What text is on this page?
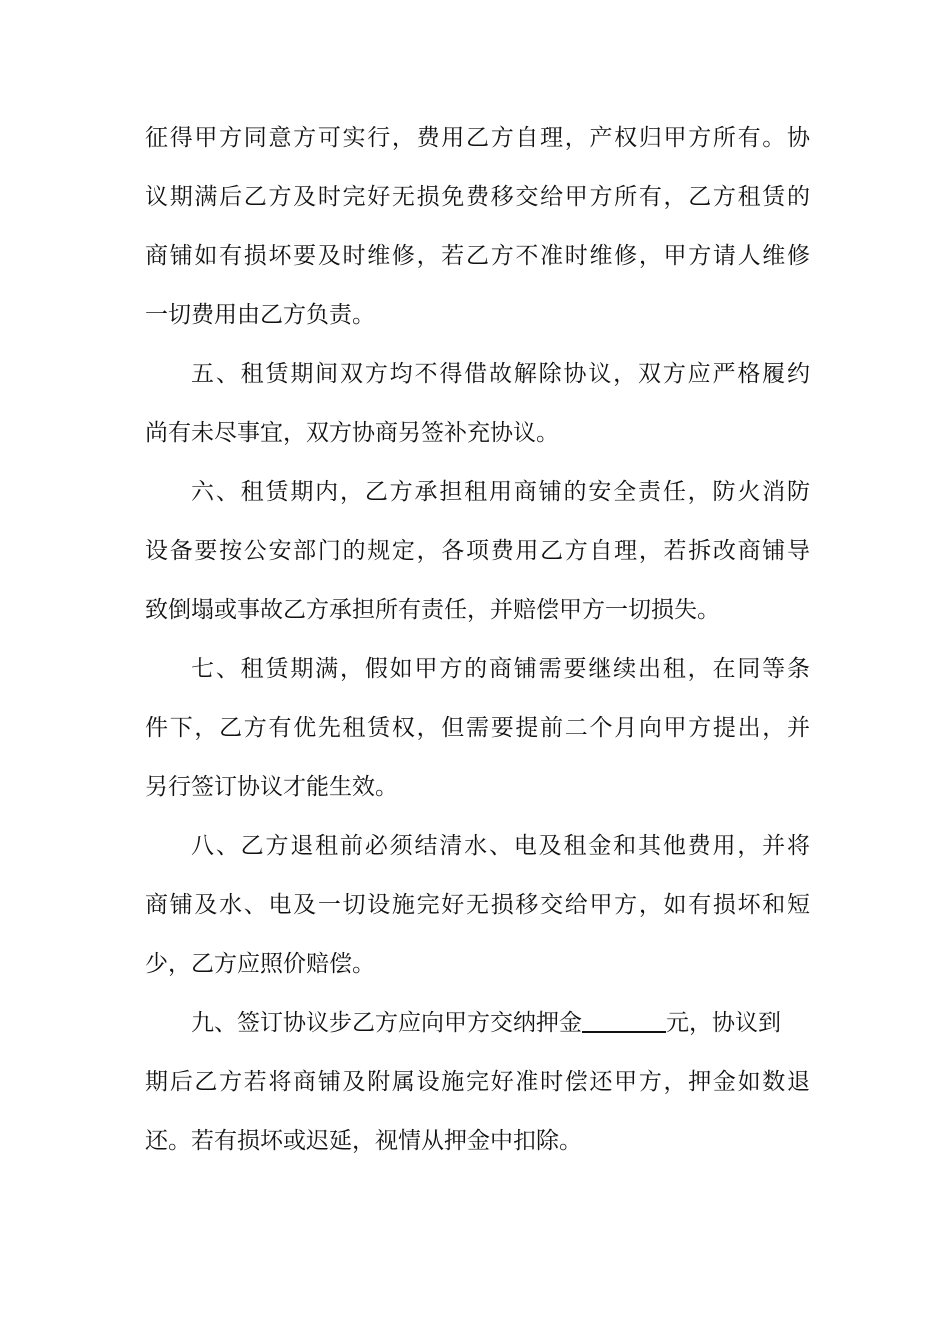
征得甲方同意方可实行，费用乙方自理，产权归甲方所有。协
议期满后乙方及时完好无损免费移交给甲方所有，乙方租赁的
商铺如有损坏要及时维修，若乙方不准时维修，甲方请人维修
一切费用由乙方负责。
五、租赁期间双方均不得借故解除协议，双方应严格履约
尚有未尽事宜，双方协商另签补充协议。
六、租赁期内，乙方承担租用商铺的安全责任，防火消防
设备要按公安部门的规定，各项费用乙方自理，若拆改商铺导
致倒塌或事故乙方承担所有责任，并赔偿甲方一切损失。
七、租赁期满，假如甲方的商铺需要继续出租，在同等条
件下，乙方有优先租赁权，但需要提前二个月向甲方提出，并
另行签订协议才能生效。
八、乙方退租前必须结清水、电及租金和其他费用，并将
商铺及水、电及一切设施完好无损移交给甲方，如有损坏和短
少，乙方应照价赔偿。
九、签订协议步乙方应向甲方交纳押金	元，协议到
期后乙方若将商铺及附属设施完好准时偿还甲方，押金如数退
还。若有损坏或迟延，视情从押金中扣除。
